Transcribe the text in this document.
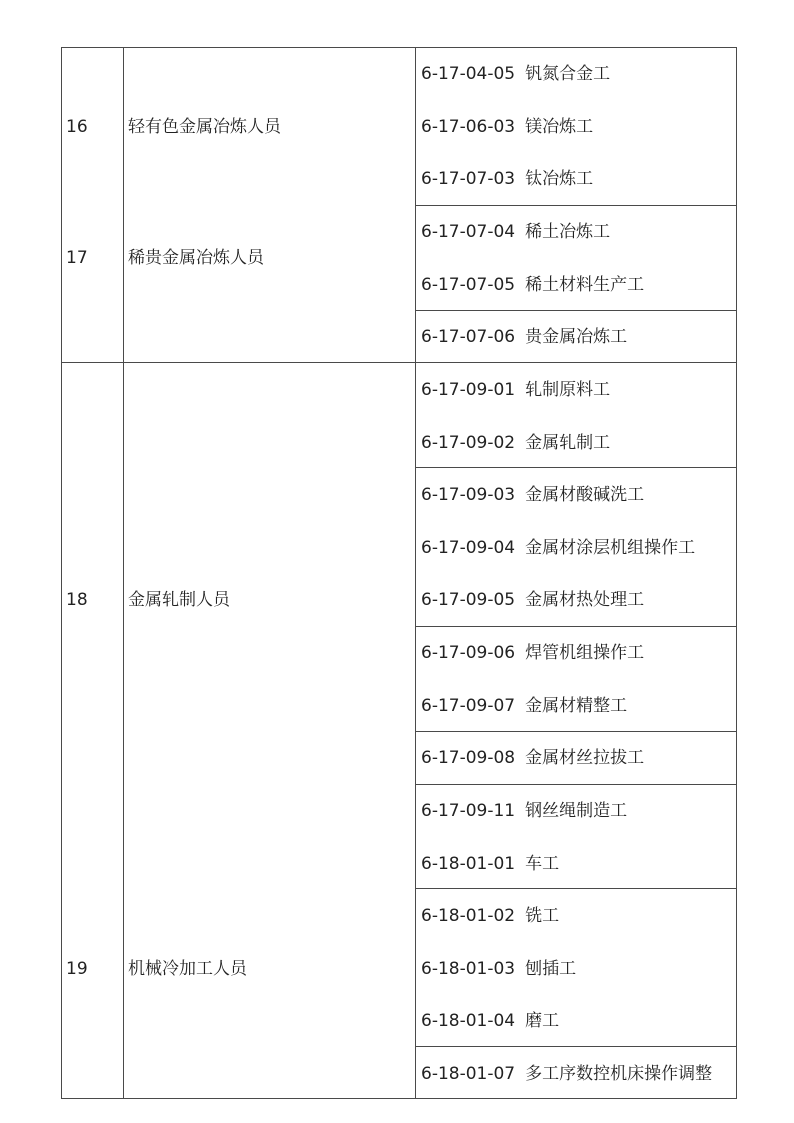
16 轻有色金属冶炼人员
17 稀贵金属冶炼人员
18 金属轧制人员
19 机械冷加工人员
6-17-04-05 钒氮合金工
6-17-06-03 镁冶炼工
6-17-07-03 钛冶炼工
6-17-07-04 稀土冶炼工
6-17-07-05 稀土材料生产工
6-17-07-06 贵金属冶炼工
6-17-09-01 轧制原料工
6-17-09-02 金属轧制工
6-17-09-03 金属材酸碱洗工
6-17-09-04 金属材涂层机组操作工
6-17-09-05 金属材热处理工
6-17-09-06 焊管机组操作工
6-17-09-07 金属材精整工
6-17-09-08 金属材丝拉拔工
6-17-09-11 钢丝绳制造工
6-18-01-01 车工
6-18-01-02 铣工
6-18-01-03 刨插工
6-18-01-04 磨工
6-18-01-07 多工序数控机床操作调整
